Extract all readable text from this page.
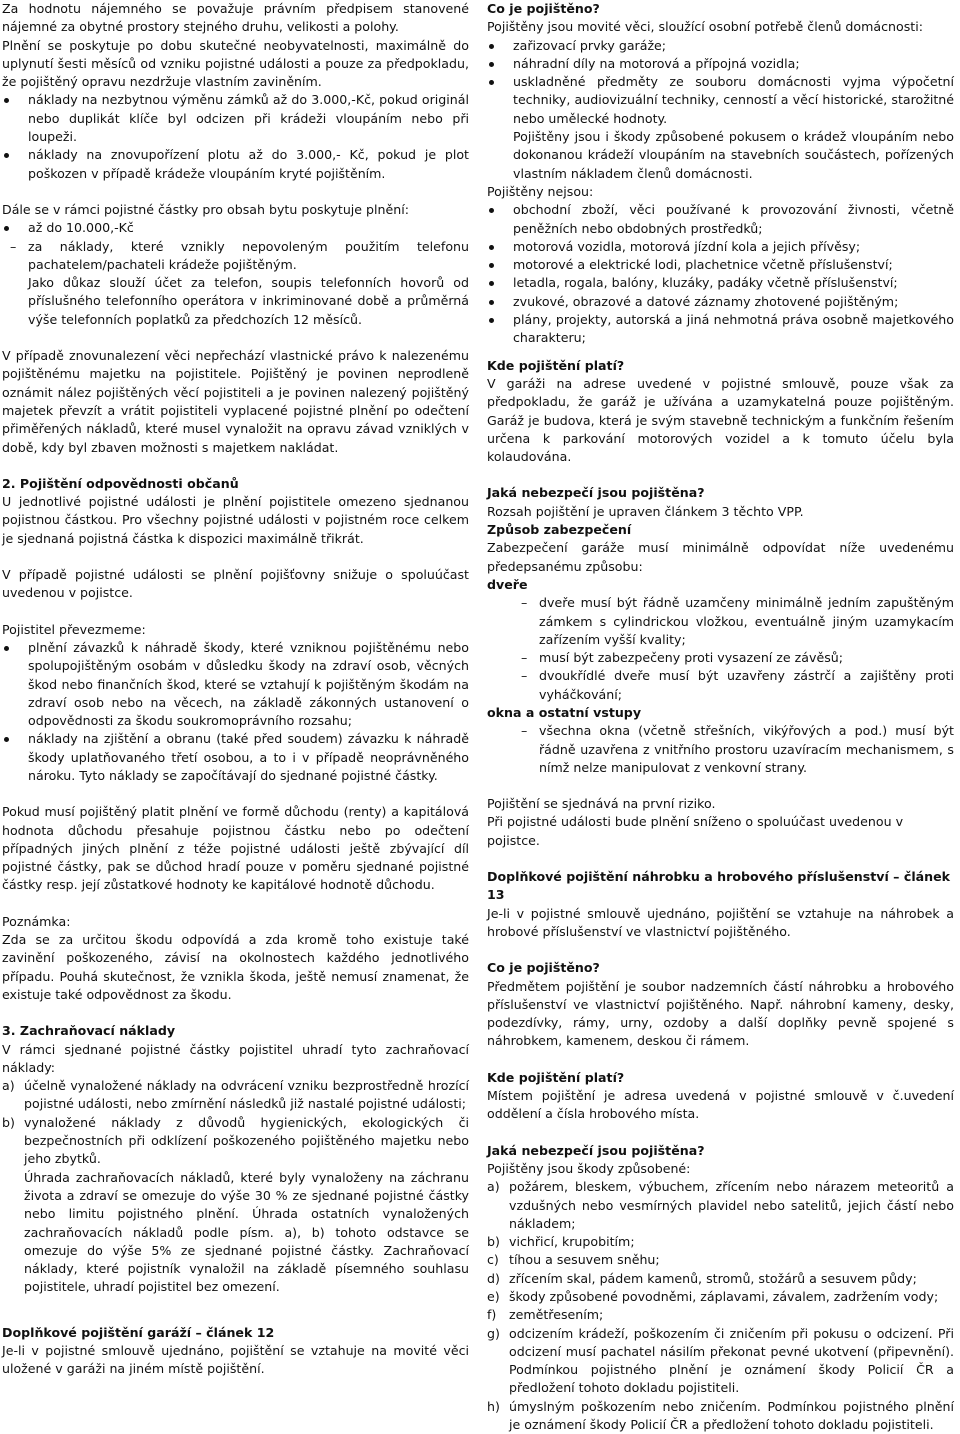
Za hodnotu nájemného se považuje právním předpisem stanovené nájemné za obytné prostory stejného druhu, velikosti a polohy.

Plnění se poskytuje po dobu skutečné neobyvatelnosti, maximálně do uplynutí šesti měsíců od vzniku pojistné události a pouze za předpokladu, že pojištěný opravu nezdržuje vlastním zaviněním.

náklady na nezbytnou výměnu zámků až do 3.000,-Kč, pokud originál nebo duplikát klíče byl odcizen při krádeži vloupáním nebo při loupeži.
náklady na znovupořízení plotu až do 3.000,- Kč, pokud je plot poškozen v případě krádeže vloupáním kryté pojištěním.

Dále se v rámci pojistné částky pro obsah bytu poskytuje plnění:

až do 10.000,-Kč
– za náklady, které vznikly nepovoleným použitím telefonu pachatelem/pachateli krádeže pojištěným.

Jako důkaz slouží účet za telefon, soupis telefonních hovorů od příslušného telefonního operátora v inkriminované době a průměrná výše telefonních poplatků za předchozích 12 měsíců.

V případě znovunalezení věci nepřechází vlastnické právo k nalezenému pojištěnému majetku na pojistitele. Pojištěný je povinen neprodleně oznámit nález pojištěných věcí pojistiteli a je povinen nalezený pojištěný majetek převzít a vrátit pojistiteli vyplacené pojistné plnění po odečtení přiměřených nákladů, které musel vynaložit na opravu závad vzniklých v době, kdy byl zbaven možnosti s majetkem nakládat.

2. Pojištění odpovědnosti občanů

U jednotlivé pojistné události je plnění pojistitele omezeno sjednanou pojistnou částkou. Pro všechny pojistné události v pojistném roce celkem je sjednaná pojistná částka k dispozici maximálně třikrát.

V případě pojistné události se plnění pojišťovny snižuje o spoluúčast uvedenou v pojistce.

Pojistitel převezmeme:

plnění závazků k náhradě škody, které vzniknou pojištěnému nebo spolupojištěným osobám v důsledku škody na zdraví osob, věcných škod nebo finančních škod, které se vztahují k pojištěným škodám na zdraví osob nebo na věcech, na základě zákonných ustanovení o odpovědnosti za škodu soukromoprávního rozsahu;
náklady na zjištění a obranu (také před soudem) závazku k náhradě škody uplatňovaného třetí osobou, a to i v případě neoprávněného nároku. Tyto náklady se započítávají do sjednané pojistné částky.

Pokud musí pojištěný platit plnění ve formě důchodu (renty) a kapitálová hodnota důchodu přesahuje pojistnou částku nebo po odečtení případných jiných plnění z téže pojistné události ještě zbývající díl pojistné částky, pak se důchod hradí pouze v poměru sjednané pojistné částky resp. její zůstatkové hodnoty ke kapitálové hodnotě důchodu.

Poznámka:

Zda se za určitou škodu odpovídá a zda kromě toho existuje také zavinění poškozeného, závisí na okolnostech každého jednotlivého případu. Pouhá skutečnost, že vznikla škoda, ještě nemusí znamenat, že existuje také odpovědnost za škodu.

3. Zachraňovací náklady

V rámci sjednané pojistné částky pojistitel uhradí tyto zachraňovací náklady:

a) účelně vynaložené náklady na odvrácení vzniku bezprostředně hrozící pojistné události, nebo zmírnění následků již nastalé pojistné události;
b) vynaložené náklady z důvodů hygienických, ekologických či bezpečnostních při odklízení poškozeného pojištěného majetku nebo jeho zbytků.

Úhrada zachraňovacích nákladů, které byly vynaloženy na záchranu života a zdraví se omezuje do výše 30 % ze sjednané pojistné částky nebo limitu pojistného plnění. Úhrada ostatních vynaložených zachraňovacích nákladů podle písm. a), b) tohoto odstavce se omezuje do výše 5% ze sjednané pojistné částky. Zachraňovací náklady, které pojistník vynaložil na základě písemného souhlasu pojistitele, uhradí pojistitel bez omezení.

Doplňkové pojištění garáží – článek 12

Je-li v pojistné smlouvě ujednáno, pojištění se vztahuje na movité věci uložené v garáži na jiném místě pojištění.

Co je pojištěno?

Pojištěny jsou movité věci, sloužící osobní potřebě členů domácnosti:

zařizovací prvky garáže;
náhradní díly na motorová a přípojná vozidla;
uskladněné předměty ze souboru domácnosti vyjma výpočetní techniky, audiovizuální techniky, cenností a věcí historické, starožitné nebo umělecké hodnoty.

Pojištěny jsou i škody způsobené pokusem o krádež vloupáním nebo dokonanou krádeží vloupáním na stavebních součástech, pořízených vlastním nákladem členů domácnosti.

Pojištěny nejsou:

obchodní zboží, věci používané k provozování živnosti, včetně peněžních nebo obdobných prostředků;
motorová vozidla, motorová jízdní kola a jejich přívěsy;
motorové a elektrické lodi, plachetnice včetně příslušenství;
letadla, rogala, balóny, kluzáky, padáky včetně příslušenství;
zvukové, obrazové a datové záznamy zhotovené pojištěným;
plány, projekty, autorská a jiná nehmotná práva osobně majetkového charakteru;

Kde pojištění platí?

V garáži na adrese uvedené v pojistné smlouvě, pouze však za předpokladu, že garáž je užívána a uzamykatelná pouze pojištěným. Garáž je budova, která je svým stavebně technickým a funkčním řešením určena k parkování motorových vozidel a k tomuto účelu byla kolaudována.

Jaká nebezpečí jsou pojištěna?

Rozsah pojištění je upraven článkem 3 těchto VPP.

Způsob zabezpečení

Zabezpečení garáže musí minimálně odpovídat níže uvedenému předepsanému způsobu:

dveře

– dveře musí být řádně uzamčeny minimálně jedním zapuštěným zámkem s cylindrickou vložkou, eventuálně jiným uzamykacím zařízením vyšší kvality;
– musí být zabezpečeny proti vysazení ze závěsů;
– dvoukřídlé dveře musí být uzavřeny zástrčí a zajištěny proti vyháčkování;

okna a ostatní vstupy

– všechna okna (včetně střešních, vikýřových a pod.) musí být řádně uzavřena z vnitřního prostoru uzavíracím mechanismem, s nímž nelze manipulovat z venkovní strany.

Pojištění se sjednává na první riziko.

Při pojistné události bude plnění sníženo o spoluúčast uvedenou v pojistce.

Doplňkové pojištění náhrobku a hrobového příslušenství – článek 13

Je-li v pojistné smlouvě ujednáno, pojištění se vztahuje na náhrobek a hrobové příslušenství ve vlastnictví pojištěného.

Co je pojištěno?

Předmětem pojištění je soubor nadzemních částí náhrobku a hrobového příslušenství ve vlastnictví pojištěného. Např. náhrobní kameny, desky, podezdívky, rámy, urny, ozdoby a další doplňky pevně spojené s náhrobkem, kamenem, deskou či rámem.

Kde pojištění platí?

Místem pojištění je adresa uvedená v pojistné smlouvě v č.uvedení oddělení a čísla hrobového místa.

Jaká nebezpečí jsou pojištěna?

Pojištěny jsou škody způsobené:

a) požárem, bleskem, výbuchem, zřícením nebo nárazem meteoritů a vzdušných nebo vesmírných plavidel nebo satelitů, jejich částí nebo nákladem;
b) vichřicí, krupobitím;
c) tíhou a sesuvem sněhu;
d) zřícením skal, pádem kamenů, stromů, stožárů a sesuvem půdy;
e) škody způsobené povodněmi, záplavami, závalem, zadržením vody;
f) zemětřesením;
g) odcizením krádeží, poškozením či zničením při pokusu o odcizení. Při odcizení musí pachatel násilím překonat pevné ukotvení (připevnění). Podmínkou pojistného plnění je oznámení škody Policií ČR a předložení tohoto dokladu pojistiteli.
h) úmyslným poškozením nebo zničením. Podmínkou pojistného plnění je oznámení škody Policií ČR a předložení tohoto dokladu pojistiteli.
